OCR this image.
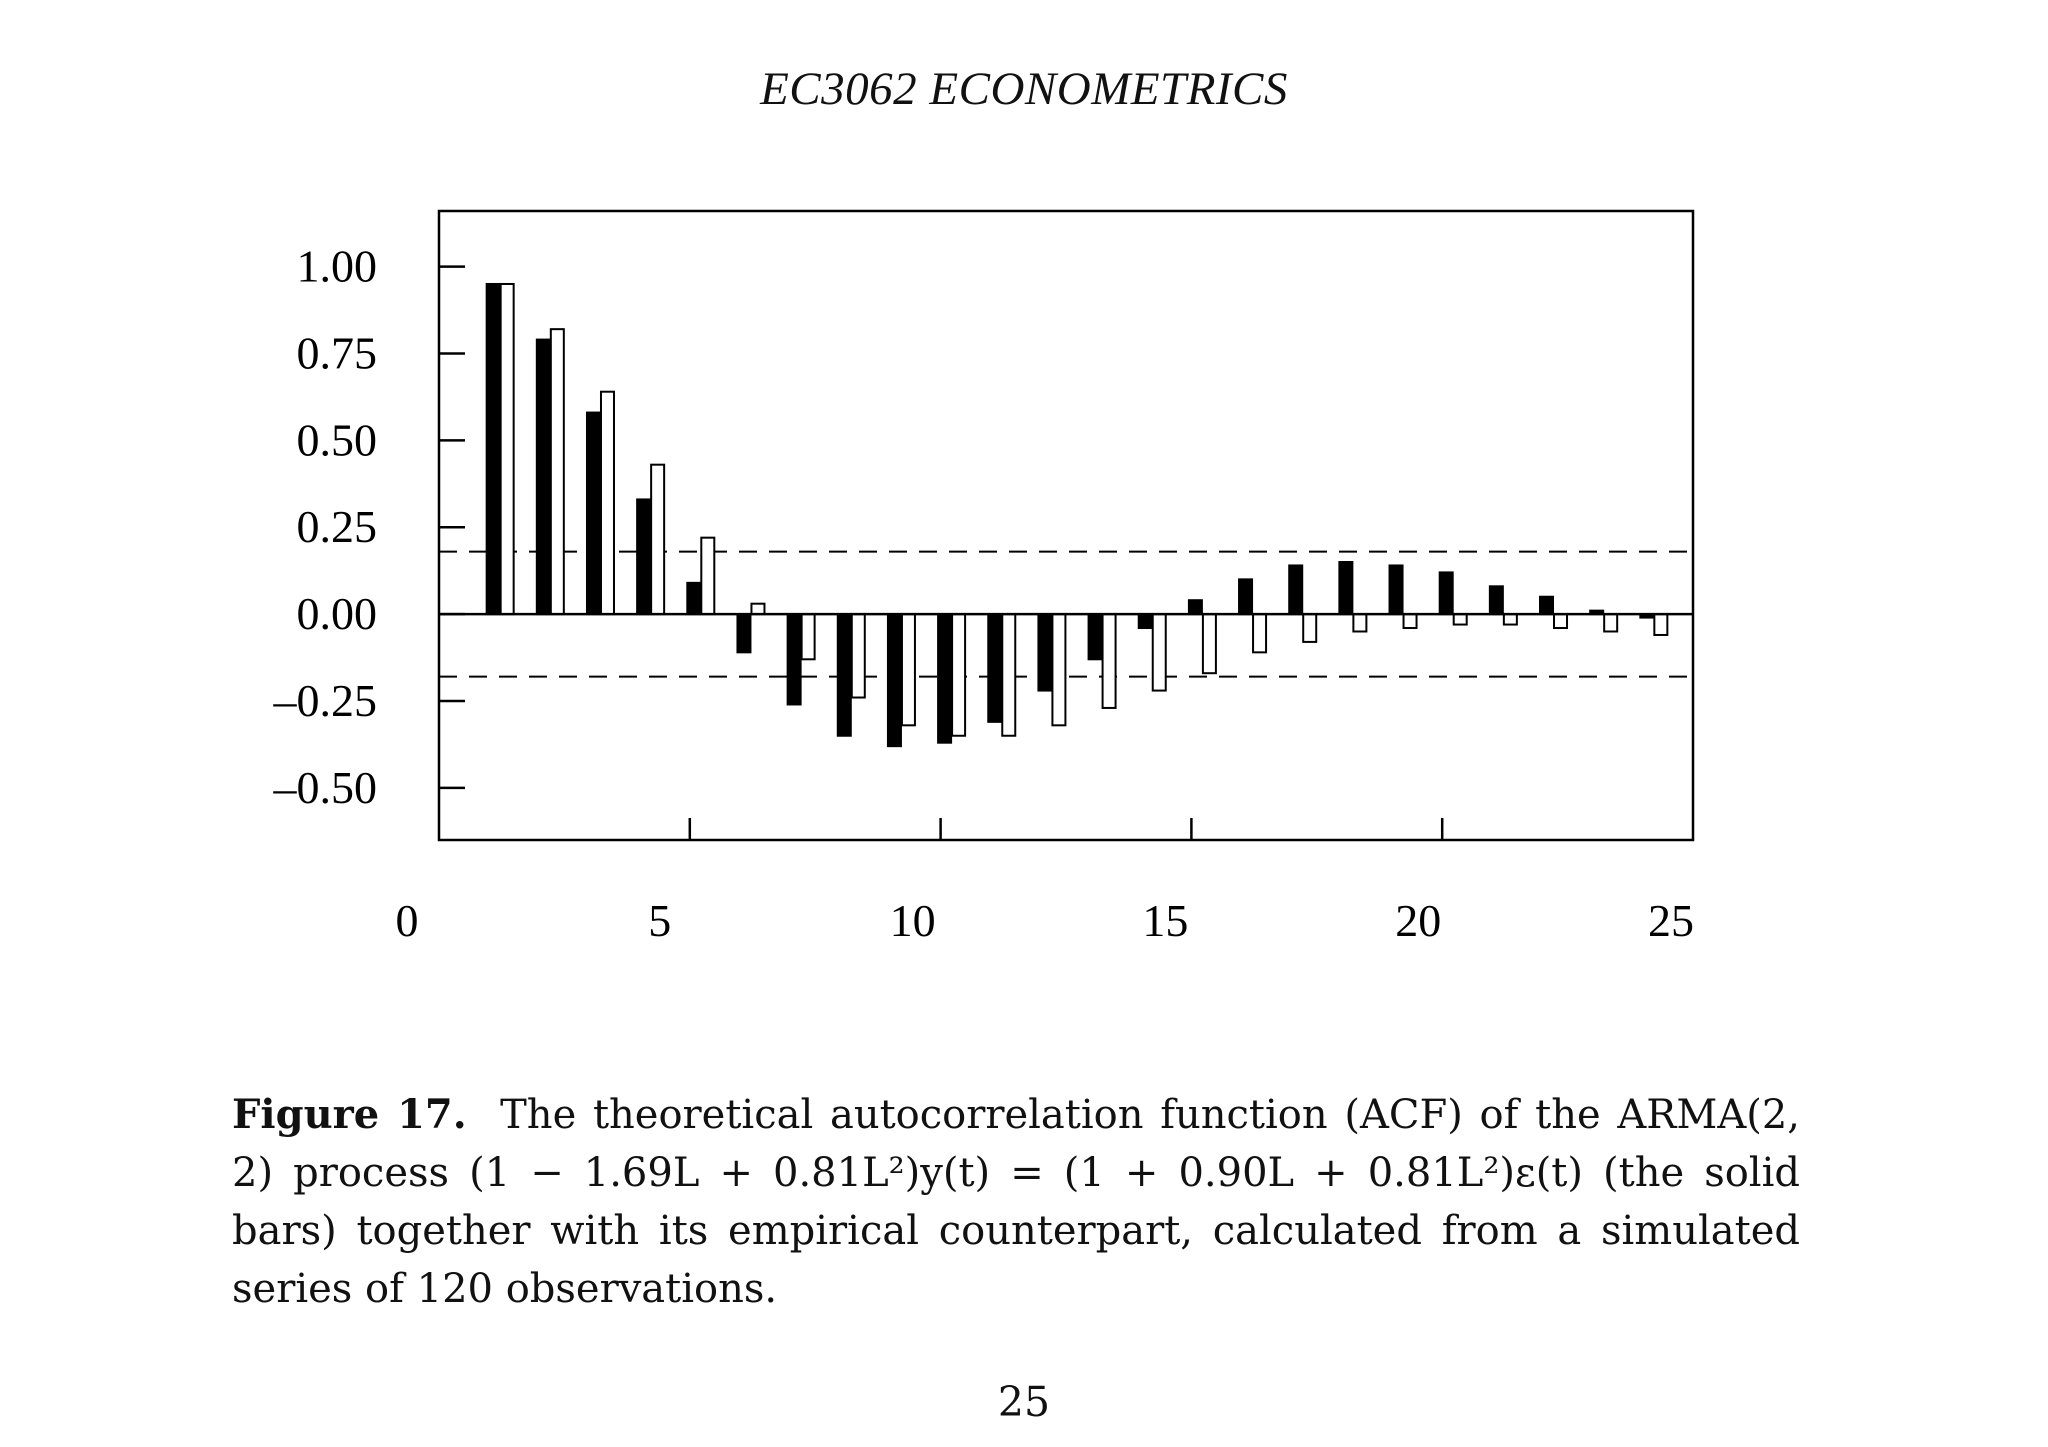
EC3062 ECONOMETRICS
1.00
0.75
0.50
0.25
0.00
–0.25
–0.50
0	5	10	15	20	25
Figure 17. The theoretical autocorrelation function (ACF) of the ARMA(2, 2) process (1 − 1.69L + 0.81L²)y(t) = (1 + 0.90L + 0.81L²)ε(t) (the solid bars) together with its empirical counterpart, calculated from a simulated series of 120 observations.
25
